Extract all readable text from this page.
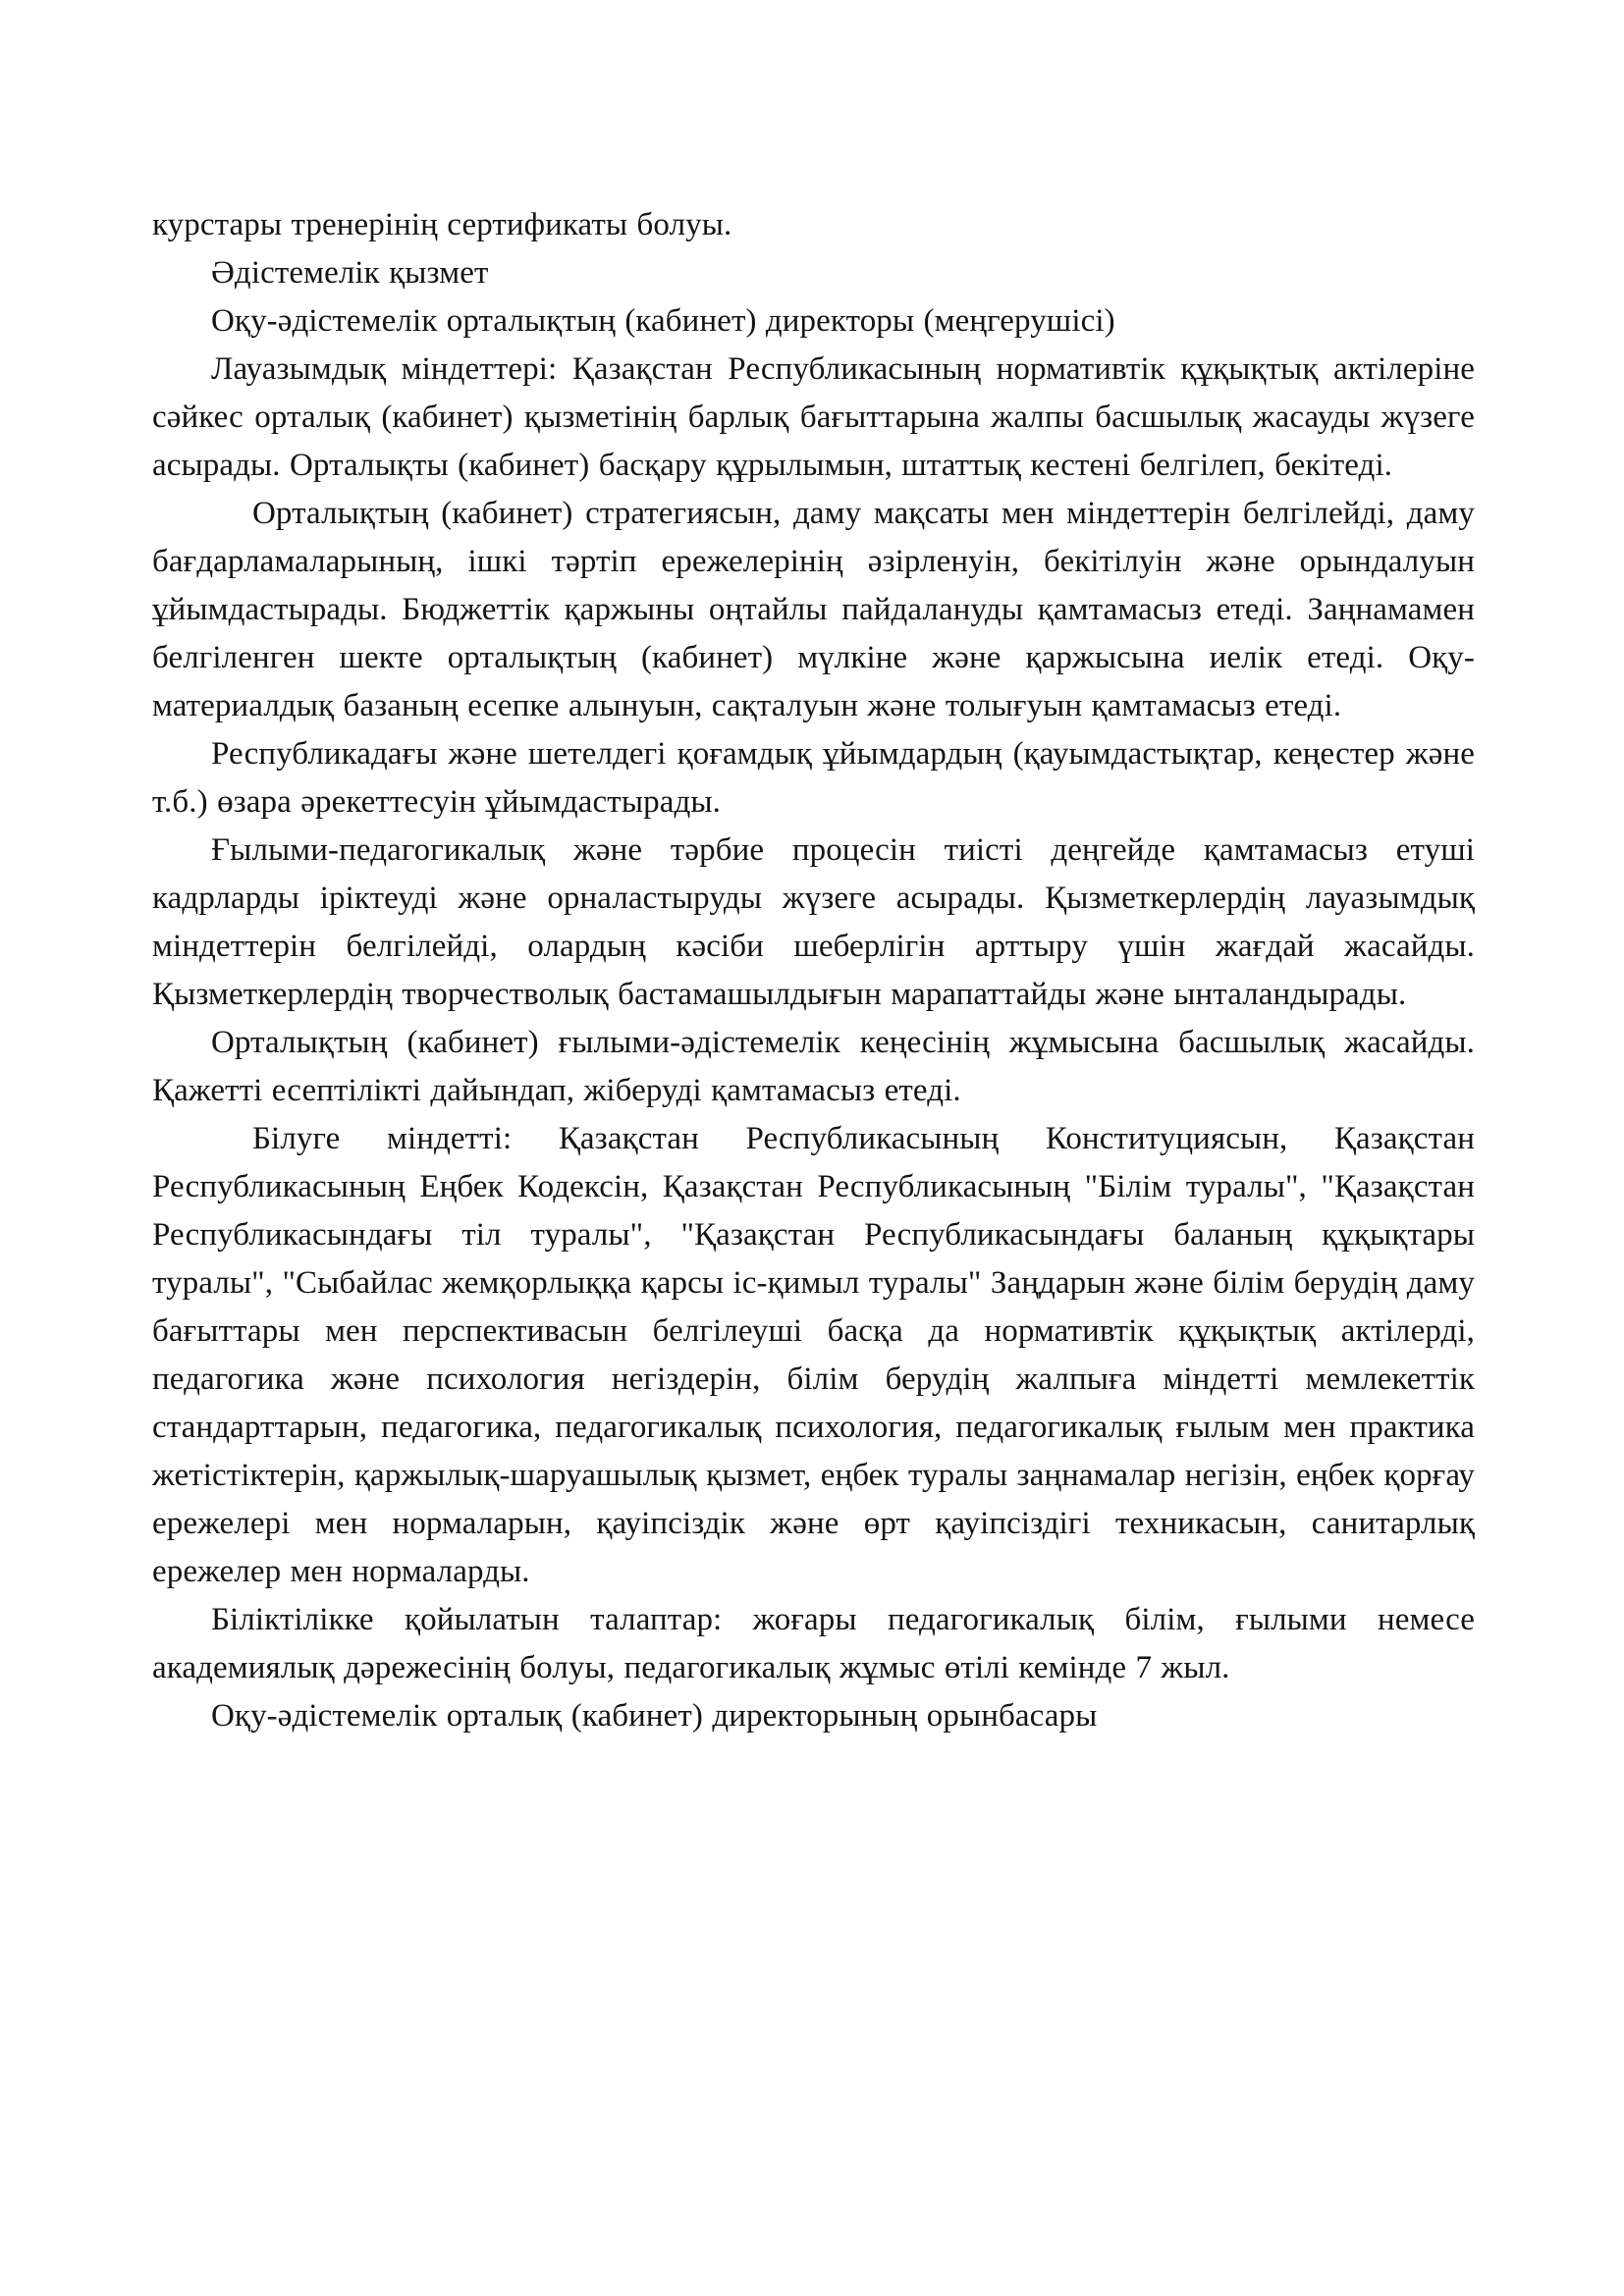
курстары тренерінің сертификаты болуы.

Әдістемелік қызмет

Оқу-әдістемелік орталықтың (кабинет) директоры (меңгерушісі)

Лауазымдық міндеттері: Қазақстан Республикасының нормативтік құқықтық актілеріне сәйкес орталық (кабинет) қызметінің барлық бағыттарына жалпы басшылық жасауды жүзеге асырады. Орталықты (кабинет) басқару құрылымын, штаттық кестені белгілеп, бекітеді.

Орталықтың (кабинет) стратегиясын, даму мақсаты мен міндеттерін белгілейді, даму бағдарламаларының, ішкі тәртіп ережелерінің әзірленуін, бекітілуін және орындалуын ұйымдастырады. Бюджеттік қаржыны оңтайлы пайдалануды қамтамасыз етеді. Заңнамамен белгіленген шекте орталықтың (кабинет) мүлкіне және қаржысына иелік етеді. Оқу-материалдық базаның есепке алынуын, сақталуын және толығуын қамтамасыз етеді.

Республикадағы және шетелдегі қоғамдық ұйымдардың (қауымдастықтар, кеңестер және т.б.) өзара әрекеттесуін ұйымдастырады.

Ғылыми-педагогикалық және тәрбие процесін тиісті деңгейде қамтамасыз етуші кадрларды іріктеуді және орналастыруды жүзеге асырады. Қызметкерлердің лауазымдық міндеттерін белгілейді, олардың кәсіби шеберлігін арттыру үшін жағдай жасайды. Қызметкерлердің творчестволық бастамашылдығын марапаттайды және ынталандырады.

Орталықтың (кабинет) ғылыми-әдістемелік кеңесінің жұмысына басшылық жасайды. Қажетті есептілікті дайындап, жіберуді қамтамасыз етеді.

Білуге міндетті: Қазақстан Республикасының Конституциясын, Қазақстан Республикасының Еңбек Кодексін, Қазақстан Республикасының "Білім туралы", "Қазақстан Республикасындағы тіл туралы", "Қазақстан Республикасындағы баланың құқықтары туралы", "Сыбайлас жемқорлыққа қарсы іс-қимыл туралы" Заңдарын және білім берудің даму бағыттары мен перспективасын белгілеуші басқа да нормативтік құқықтық актілерді, педагогика және психология негіздерін, білім берудің жалпыға міндетті мемлекеттік стандарттарын, педагогика, педагогикалық психология, педагогикалық ғылым мен практика жетістіктерін, қаржылық-шаруашылық қызмет, еңбек туралы заңнамалар негізін, еңбек қорғау ережелері мен нормаларын, қауіпсіздік және өрт қауіпсіздігі техникасын, санитарлық ережелер мен нормаларды.

Біліктілікке қойылатын талаптар: жоғары педагогикалық білім, ғылыми немесе академиялық дәрежесінің болуы, педагогикалық жұмыс өтілі кемінде 7 жыл.

Оқу-әдістемелік орталық (кабинет) директорының орынбасары
